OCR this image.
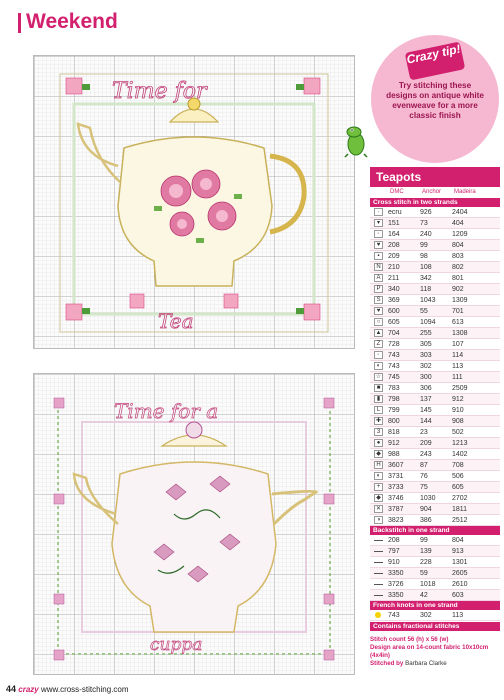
Weekend
Time for
Tea
Time for a
cuppa
Crazy tip!
Try stitching these designs on antique white evenweave for a more classic finish
Teapots
DMC	Anchor	Madeira
Cross stitch in two strands
·	ecru	926	2404
▾	151	73	404
◦	164	240	1209
♥	208	99	804
▪	209	98	803
N	210	108	802
A	211	342	801
P	340	118	902
S	369	1043	1309
♥	600	55	701
○	605	1094	613
▲ 704	255	1308
Z	728	305	107
◦	743	303	114
◐	743	302	113
☆ 745	300	111
■	783	306	2509
▮	798	137	912
L	799	145	910
✚ 800	144	908
3	818	23	502
●	912	209	1213
◆	988	243	1402
H	3607	87	708
◐	3731	76	506
+	3733	75	605
◆	3746	1030	2702
✕ 3787	904	1811
◑	3823	386	2512
Backstitch in one strand
208	99	804
797	139	913
910	228	1301
3350	59	2605
3726	1018	2610
3350	42	603
French knots in one strand
743	302	113
Contains fractional stitches
Stitch count 56 (h) x 56 (w)
Design area on 14-count fabric 10x10cm (4x4in)
Stitched by Barbara Clarke
44 crazy www.cross-stitching.com
